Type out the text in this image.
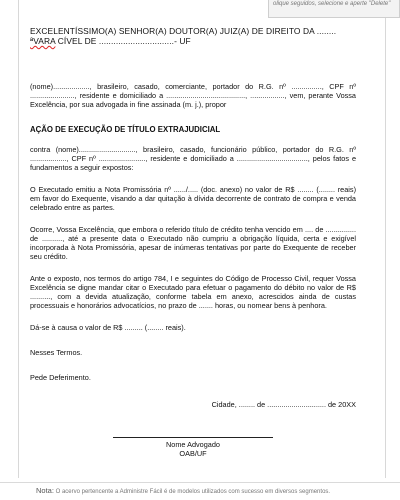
olique seguidos, selecione e aperte "Delete"
EXCELENTÍSSIMO(A) SENHOR(A) DOUTOR(A) JUIZ(A) DE DIREITO DA ........
ªVARA CÍVEL DE ...............................- UF

(nome).................., brasileiro, casado, comerciante, portador do R.G. nº ..............., CPF nº ......................, residente e domiciliado a ......................................., ................., vem, perante Vossa Excelência, por sua advogada in fine assinada (m. j.), propor

AÇÃO DE EXECUÇÃO DE TÍTULO EXTRAJUDICIAL

contra (nome)............................, brasileiro, casado, funcionário público, portador do R.G. nº .................., CPF nº ......................., residente e domiciliado a ..................................., pelos fatos e fundamentos a seguir expostos:

O Executado emitiu a Nota Promissória nº ....../..... (doc. anexo) no valor de R$ ........ (........ reais) em favor do Exequente, visando a dar quitação à dívida decorrente de contrato de compra e venda celebrado entre as partes.

Ocorre, Vossa Excelência, que embora o referido título de crédito tenha vencido em .... de ............... de .........., até a presente data o Executado não cumpriu a obrigação líquida, certa e exigível incorporada à Nota Promissória, apesar de inúmeras tentativas por parte do Exequente de receber seu crédito.

Ante o exposto, nos termos do artigo 784, I e seguintes do Código de Processo Civil, requer Vossa Excelência se digne mandar citar o Executado para efetuar o pagamento do débito no valor de R$ .........., com a devida atualização, conforme tabela em anexo, acrescidos ainda de custas processuais e honorários advocatícios, no prazo de ....... horas, ou nomear bens à penhora.

Dá-se à causa o valor de R$ ......... (........ reais).

Nesses Termos.

Pede Deferimento.

Cidade, ........ de ............................. de 20XX

Nome Advogado
OAB/UF
Nota: O acervo pertencente a Administre Fácil é de modelos utilizados com sucesso em diversos segmentos.
